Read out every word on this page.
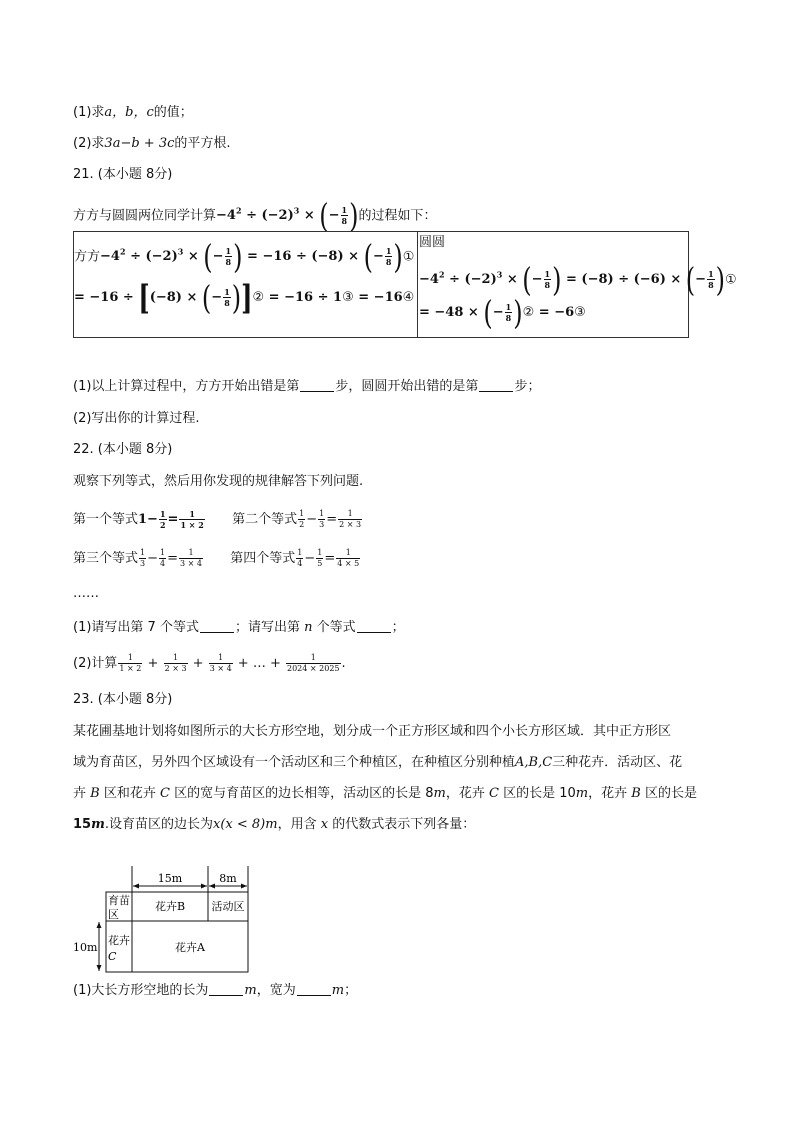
(1)求a，b，c的值；
(2)求3a−b + 3c的平方根.
21. (本小题 8分)
方方与圆圆两位同学计算$-4^2 \div (-2)^3$ × (− $\frac{1}{8}$ )的过程如下：
方方$-4^2 \div (-2)^3$ × (− $\frac{1}{8}$ ) = −16 ÷ (−8) × (− $\frac{1}{8}$ )①
= −16 ÷ [(−8) × (− $\frac{1}{8}$ )]② = −16 ÷ 1③ = −16④
圆圆
$-4^2 \div (-2)^3$ × (− $\frac{1}{8}$ ) = (−8) ÷ (−6) × (− $\frac{1}{8}$ )①
= −48 × (− $\frac{1}{8}$ )② = −6③
(1)以上计算过程中，方方开始出错是第	步，圆圆开始出错的是第	步；
(2)写出你的计算过程.
22. (本小题 8分)
观察下列等式，然后用你发现的规律解答下列问题.
第一个等式$1- \frac{1}{2} = \frac{1}{1 \times 2}$ 第二个等式 $\frac{1}{2} - \frac{1}{3} = \frac{1}{2 \times 3}$
第三个等式 $\frac{1}{3} - \frac{1}{4} = \frac{1}{3 \times 4}$ 第四个等式 $\frac{1}{4} - \frac{1}{5} = \frac{1}{4 \times 5}$
……
(1)请写出第 7 个等式	；请写出第 n 个等式	；
(2)计算 $\frac{1}{1 \times 2} + \frac{1}{2 \times 3} + \frac{1}{3 \times 4}$ + … + $\frac{1}{2024 \times 2025}$ .
23. (本小题 8分)
某花圃基地计划将如图所示的大长方形空地，划分成一个正方形区域和四个小长方形区域．其中正方形区
域为育苗区，另外四个区域设有一个活动区和三个种植区，在种植区分别种植A,B,C三种花卉．活动区、花
卉 B 区和花卉 C 区的宽与育苗区的边长相等，活动区的长是 8m，花卉 C 区的长是 10m，花卉 B 区的长是
15m.设育苗区的边长为x(x < 8)m，用含 x 的代数式表示下列各量：
15m	8m
10m
育苗
区
花卉B 活动区
花卉
C
花卉A
(1)大长方形空地的长为	m，宽为	m；
